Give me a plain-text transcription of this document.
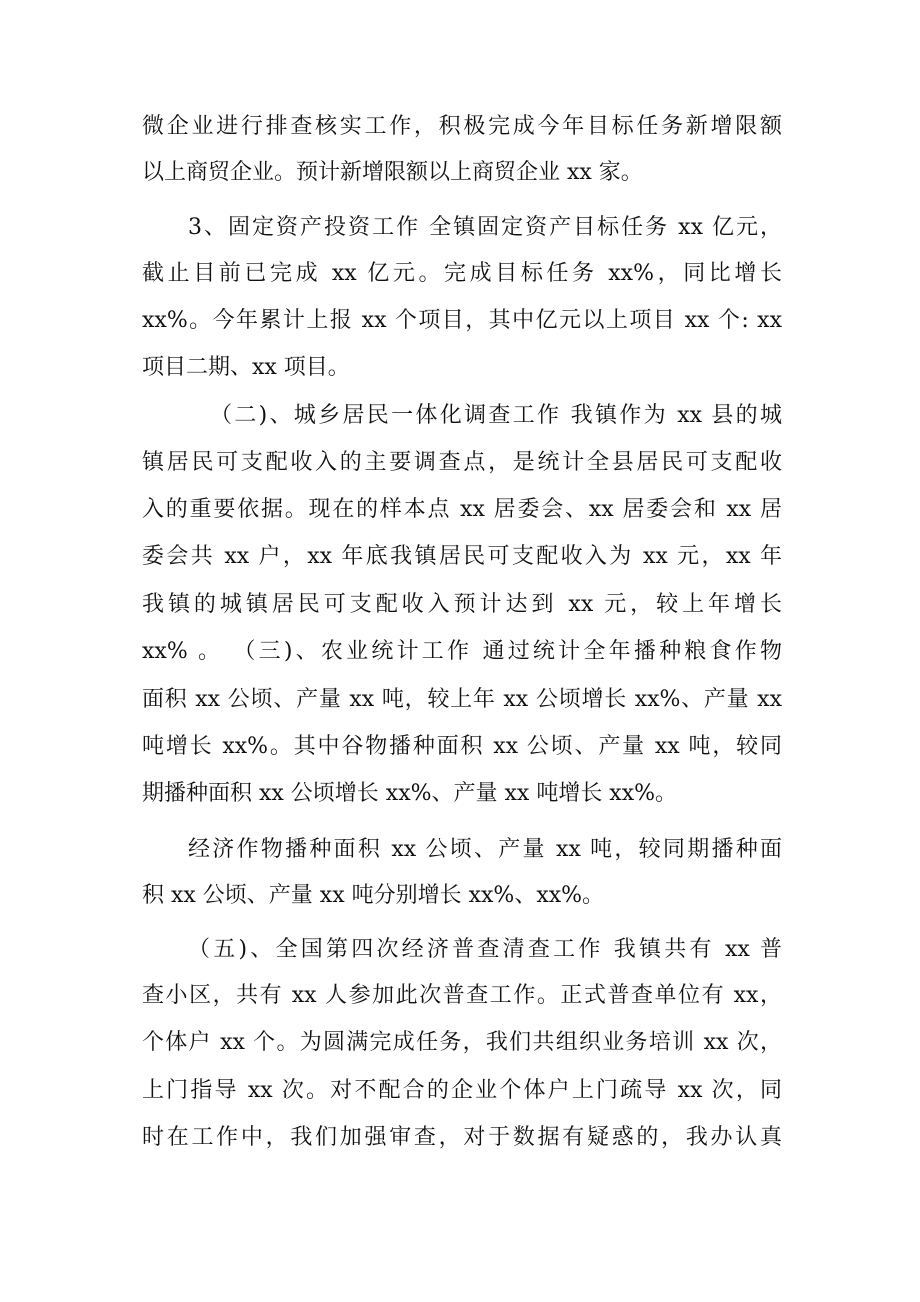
微企业进行排查核实工作，积极完成今年目标任务新增限额
以上商贸企业。预计新增限额以上商贸企业 xx 家。
3、固定资产投资工作 全镇固定资产目标任务 xx 亿元，
截止目前已完成 xx 亿元。完成目标任务 xx%，同比增长
xx%。今年累计上报 xx 个项目，其中亿元以上项目 xx 个: xx
项目二期、xx 项目。
（二)、城乡居民一体化调查工作 我镇作为 xx 县的城
镇居民可支配收入的主要调查点，是统计全县居民可支配收
入的重要依据。现在的样本点 xx 居委会、xx 居委会和 xx 居
委会共 xx 户，xx 年底我镇居民可支配收入为 xx 元，xx 年
我镇的城镇居民可支配收入预计达到 xx 元，较上年增长
xx% 。 （三)、农业统计工作 通过统计全年播种粮食作物
面积 xx 公顷、产量 xx 吨，较上年 xx 公顷增长 xx%、产量 xx
吨增长 xx%。其中谷物播种面积 xx 公顷、产量 xx 吨，较同
期播种面积 xx 公顷增长 xx%、产量 xx 吨增长 xx%。
经济作物播种面积 xx 公顷、产量 xx 吨，较同期播种面
积 xx 公顷、产量 xx 吨分别增长 xx%、xx%。
（五)、全国第四次经济普查清查工作 我镇共有 xx 普
查小区，共有 xx 人参加此次普查工作。正式普查单位有 xx，
个体户 xx 个。为圆满完成任务，我们共组织业务培训 xx 次，
上门指导 xx 次。对不配合的企业个体户上门疏导 xx 次，同
时在工作中，我们加强审查，对于数据有疑惑的，我办认真
